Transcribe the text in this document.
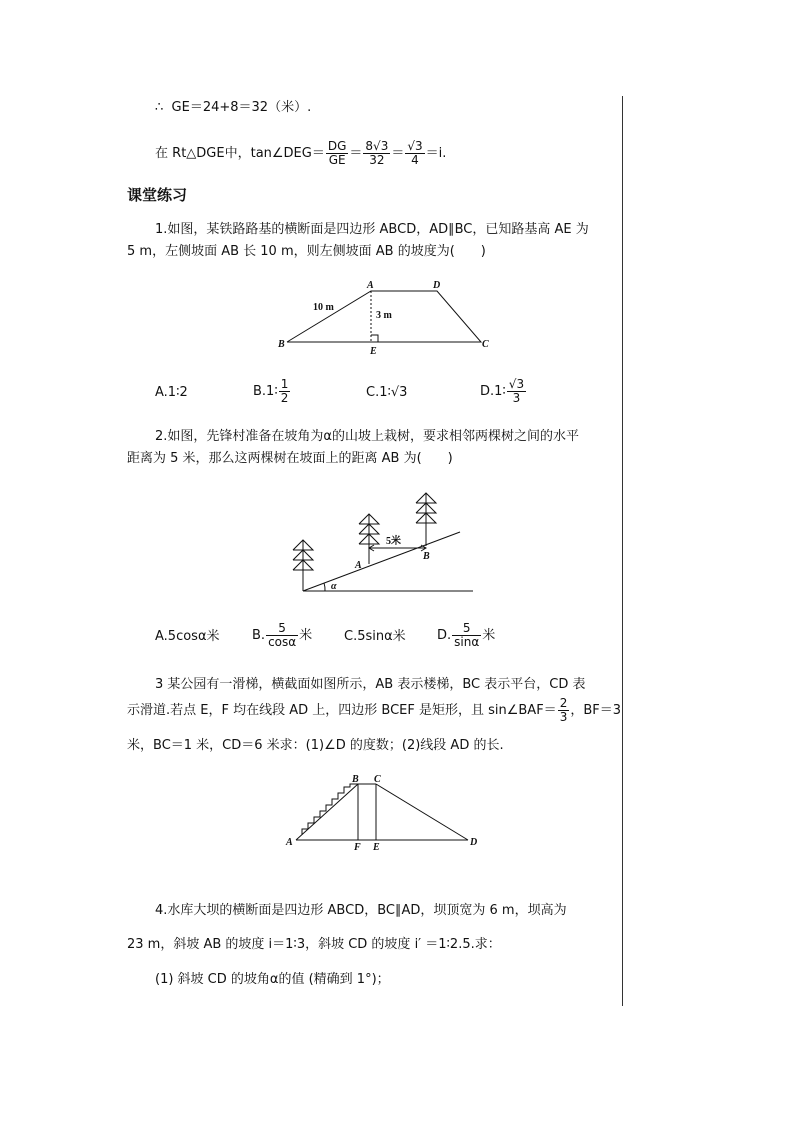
∴ GE＝24+8＝32（米）.
在 Rt△DGE中，tan∠DEG＝ $\frac{DG}{GE} = \frac{8√3}{32} = \frac{√3}{4} =i$.
课堂练习
1.如图，某铁路路基的横断面是四边形 ABCD，AD∥BC，已知路基高 AE 为
5 m，左侧坡面 AB 长 10 m，则左侧坡面 AB 的坡度为(　　)
A	D
B	C
E
10 m
3 m
A.1∶2	B.1∶ $\frac{1}{2}$	C.1∶√3	D.1∶ $\frac{√3}{3}$
2.如图，先锋村准备在坡角为α的山坡上栽树，要求相邻两棵树之间的水平
距离为 5 米，那么这两棵树在坡面上的距离 AB 为(　　)
5米
A
B
α
A.5cosα米 B. $\frac{5}{\cos\alpha}$ 米 C.5sinα米 D. $\frac{5}{\sin\alpha}$ 米
3 某公园有一滑梯，横截面如图所示，AB 表示楼梯，BC 表示平台，CD 表
示滑道.若点 E，F 均在线段 AD 上，四边形 BCEF 是矩形，且 sin∠BAF＝ $\frac{2}{3}$ ，BF＝3
米，BC＝1 米，CD＝6 米求：(1)∠D 的度数；(2)线段 AD 的长.
A
B C
D
F E
4.水库大坝的横断面是四边形 ABCD，BC∥AD，坝顶宽为 6 m，坝高为
23 m，斜坡 AB 的坡度 i＝1∶3，斜坡 CD 的坡度 i′ ＝1∶2.5.求：
(1) 斜坡 CD 的坡角α的值 (精确到 1°)；
